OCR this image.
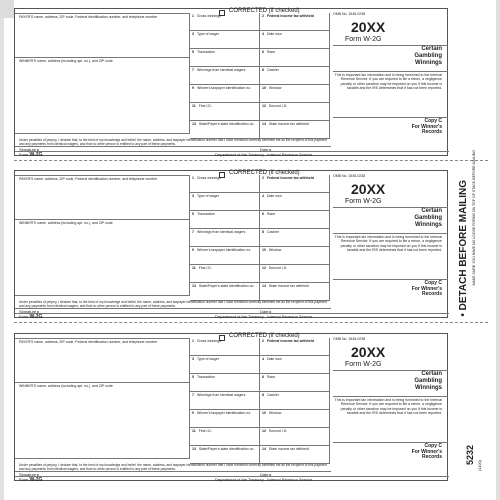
CORRECTED (if checked)
PAYER'S name, address, ZIP code, Federal identification number, and telephone number
WINNER'S name, address (including apt. no.), and ZIP code
1 Gross winnings	2 Federal income tax withheld
3 Type of wager	4 Date won
5 Transaction	6 Race
7 Winnings from identical wagers	8 Cashier
9 Winner's taxpayer identification no.	10 Window
11 First I.D.	12 Second I.D.
13 State/Payer's state identification no.	14 State income tax withheld
OMB No. 1545-0238
20XX
Form W-2G
Certain
Gambling
Winnings
This is important tax information and is being furnished to the Internal Revenue Service. If you are required to file a return, a negligence penalty or other sanction may be imposed on you if this income is taxable and the IRS determines that it has not been reported.
Copy C
For Winner's
Records
Under penalties of perjury, I declare that, to the best of my knowledge and belief, the name, address, and taxpayer identification number that I have furnished correctly identifies me as the recipient of this payment and any payments from identical wagers, and that no other person is entitled to any part of these payments.
Signature ▸	Date ▸
Form W-2G	Department of the Treasury - Internal Revenue Service
CORRECTED (if checked)
PAYER'S name, address, ZIP code, Federal identification number, and telephone number
WINNER'S name, address (including apt. no.), and ZIP code
1 Gross winnings	2 Federal income tax withheld
3 Type of wager	4 Date won
5 Transaction	6 Race
7 Winnings from identical wagers	8 Cashier
9 Winner's taxpayer identification no.	10 Window
11 First I.D.	12 Second I.D.
13 State/Payer's state identification no.	14 State income tax withheld
OMB No. 1545-0238
20XX
Form W-2G
Certain
Gambling
Winnings
This is important tax information and is being furnished to the Internal Revenue Service. If you are required to file a return, a negligence penalty or other sanction may be imposed on you if this income is taxable and the IRS determines that it has not been reported.
Copy C
For Winner's
Records
Under penalties of perjury, I declare that, to the best of my knowledge and belief, the name, address, and taxpayer identification number that I have furnished correctly identifies me as the recipient of this payment and any payments from identical wagers, and that no other person is entitled to any part of these payments.
Signature ▸	Date ▸
Form W-2G	Department of the Treasury - Internal Revenue Service
CORRECTED (if checked)
PAYER'S name, address, ZIP code, Federal identification number, and telephone number
WINNER'S name, address (including apt. no.), and ZIP code
1 Gross winnings	2 Federal income tax withheld
3 Type of wager	4 Date won
5 Transaction	6 Race
7 Winnings from identical wagers	8 Cashier
9 Winner's taxpayer identification no.	10 Window
11 First I.D.	12 Second I.D.
13 State/Payer's state identification no.	14 State income tax withheld
OMB No. 1545-0238
20XX
Form W-2G
Certain
Gambling
Winnings
This is important tax information and is being furnished to the Internal Revenue Service. If you are required to file a return, a negligence penalty or other sanction may be imposed on you if this income is taxable and the IRS determines that it has not been reported.
Copy C
For Winner's
Records
Under penalties of perjury, I declare that, to the best of my knowledge and belief, the name, address, and taxpayer identification number that I have furnished correctly identifies me as the recipient of this payment and any payments from identical wagers, and that no other person is entitled to any part of these payments.
Signature ▸	Date ▸
Form W-2G	Department of the Treasury - Internal Revenue Service
• DETACH BEFORE MAILING MAKE SURE YOU HAVE NO LOOSE FORMS ON TOP OF STACK BEFORE MAILING
5232
(1100)
